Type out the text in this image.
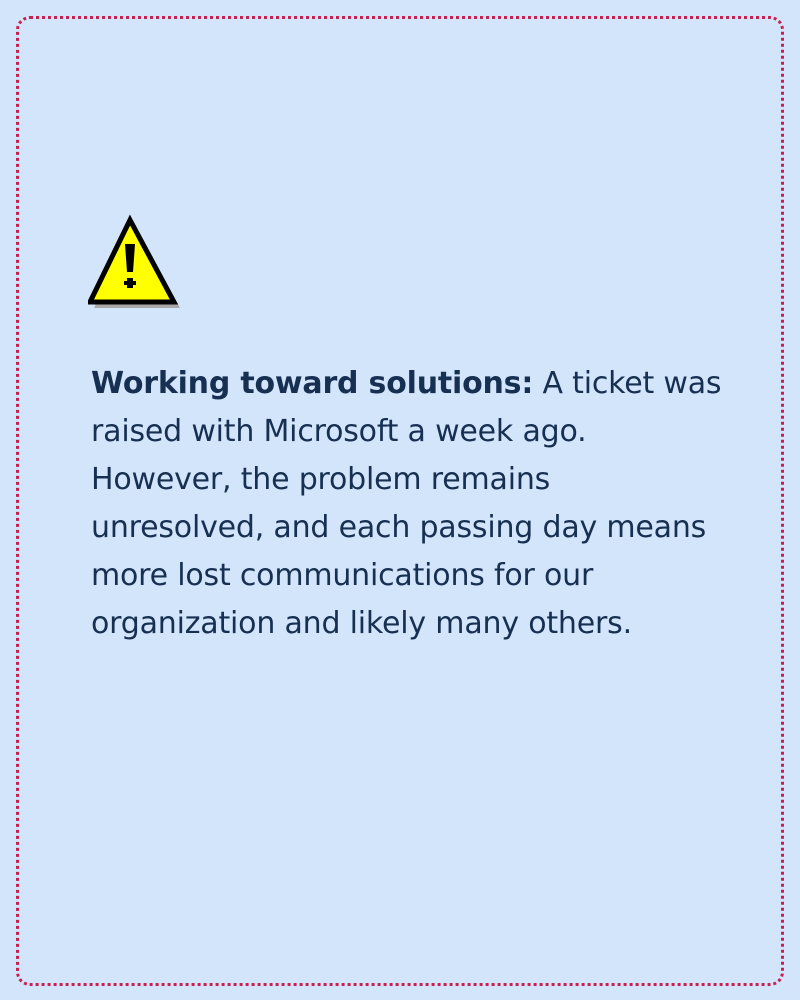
Working toward solutions: A ticket was raised with Microsoft a week ago. However, the problem remains unresolved, and each passing day means more lost communications for our organization and likely many others.
